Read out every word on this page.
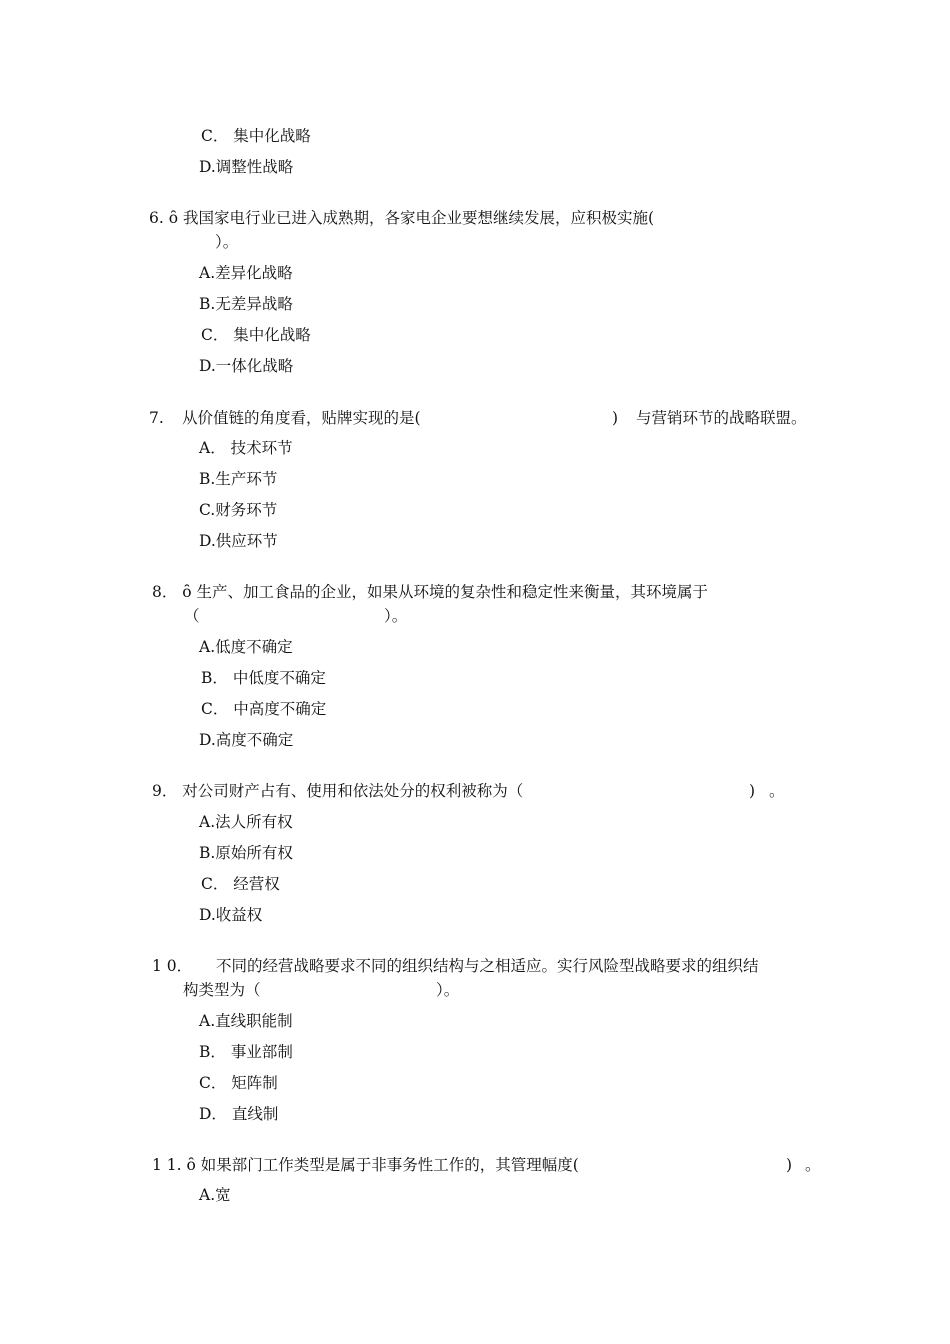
C． 集中化战略
D.调整性战略
6. ȏ 我国家电行业已进入成熟期，各家电企业要想继续发展，应积极实施(
）。
A.差异化战略
B.无差异战略
C． 集中化战略
D.一体化战略
7. 从价值链的角度看，贴牌实现的是(	) 与营销环节的战略联盟。
A． 技术环节
B.生产环节
C.财务环节
D.供应环节
8． ȏ 生产、加工食品的企业，如果从环境的复杂性和稳定性来衡量，其环境属于
（	）。
A.低度不确定
B． 中低度不确定
C． 中高度不确定
D.高度不确定
9． 对公司财产占有、使用和依法处分的权利被称为（	) 。
A.法人所有权
B.原始所有权
C． 经营权
D.收益权
1 0． 不同的经营战略要求不同的组织结构与之相适应。实行风险型战略要求的组织结
构类型为（	）。
A.直线职能制
B． 事业部制
C． 矩阵制
D． 直线制
1 1. ȏ 如果部门工作类型是属于非事务性工作的，其管理幅度(	) 。
A.宽
